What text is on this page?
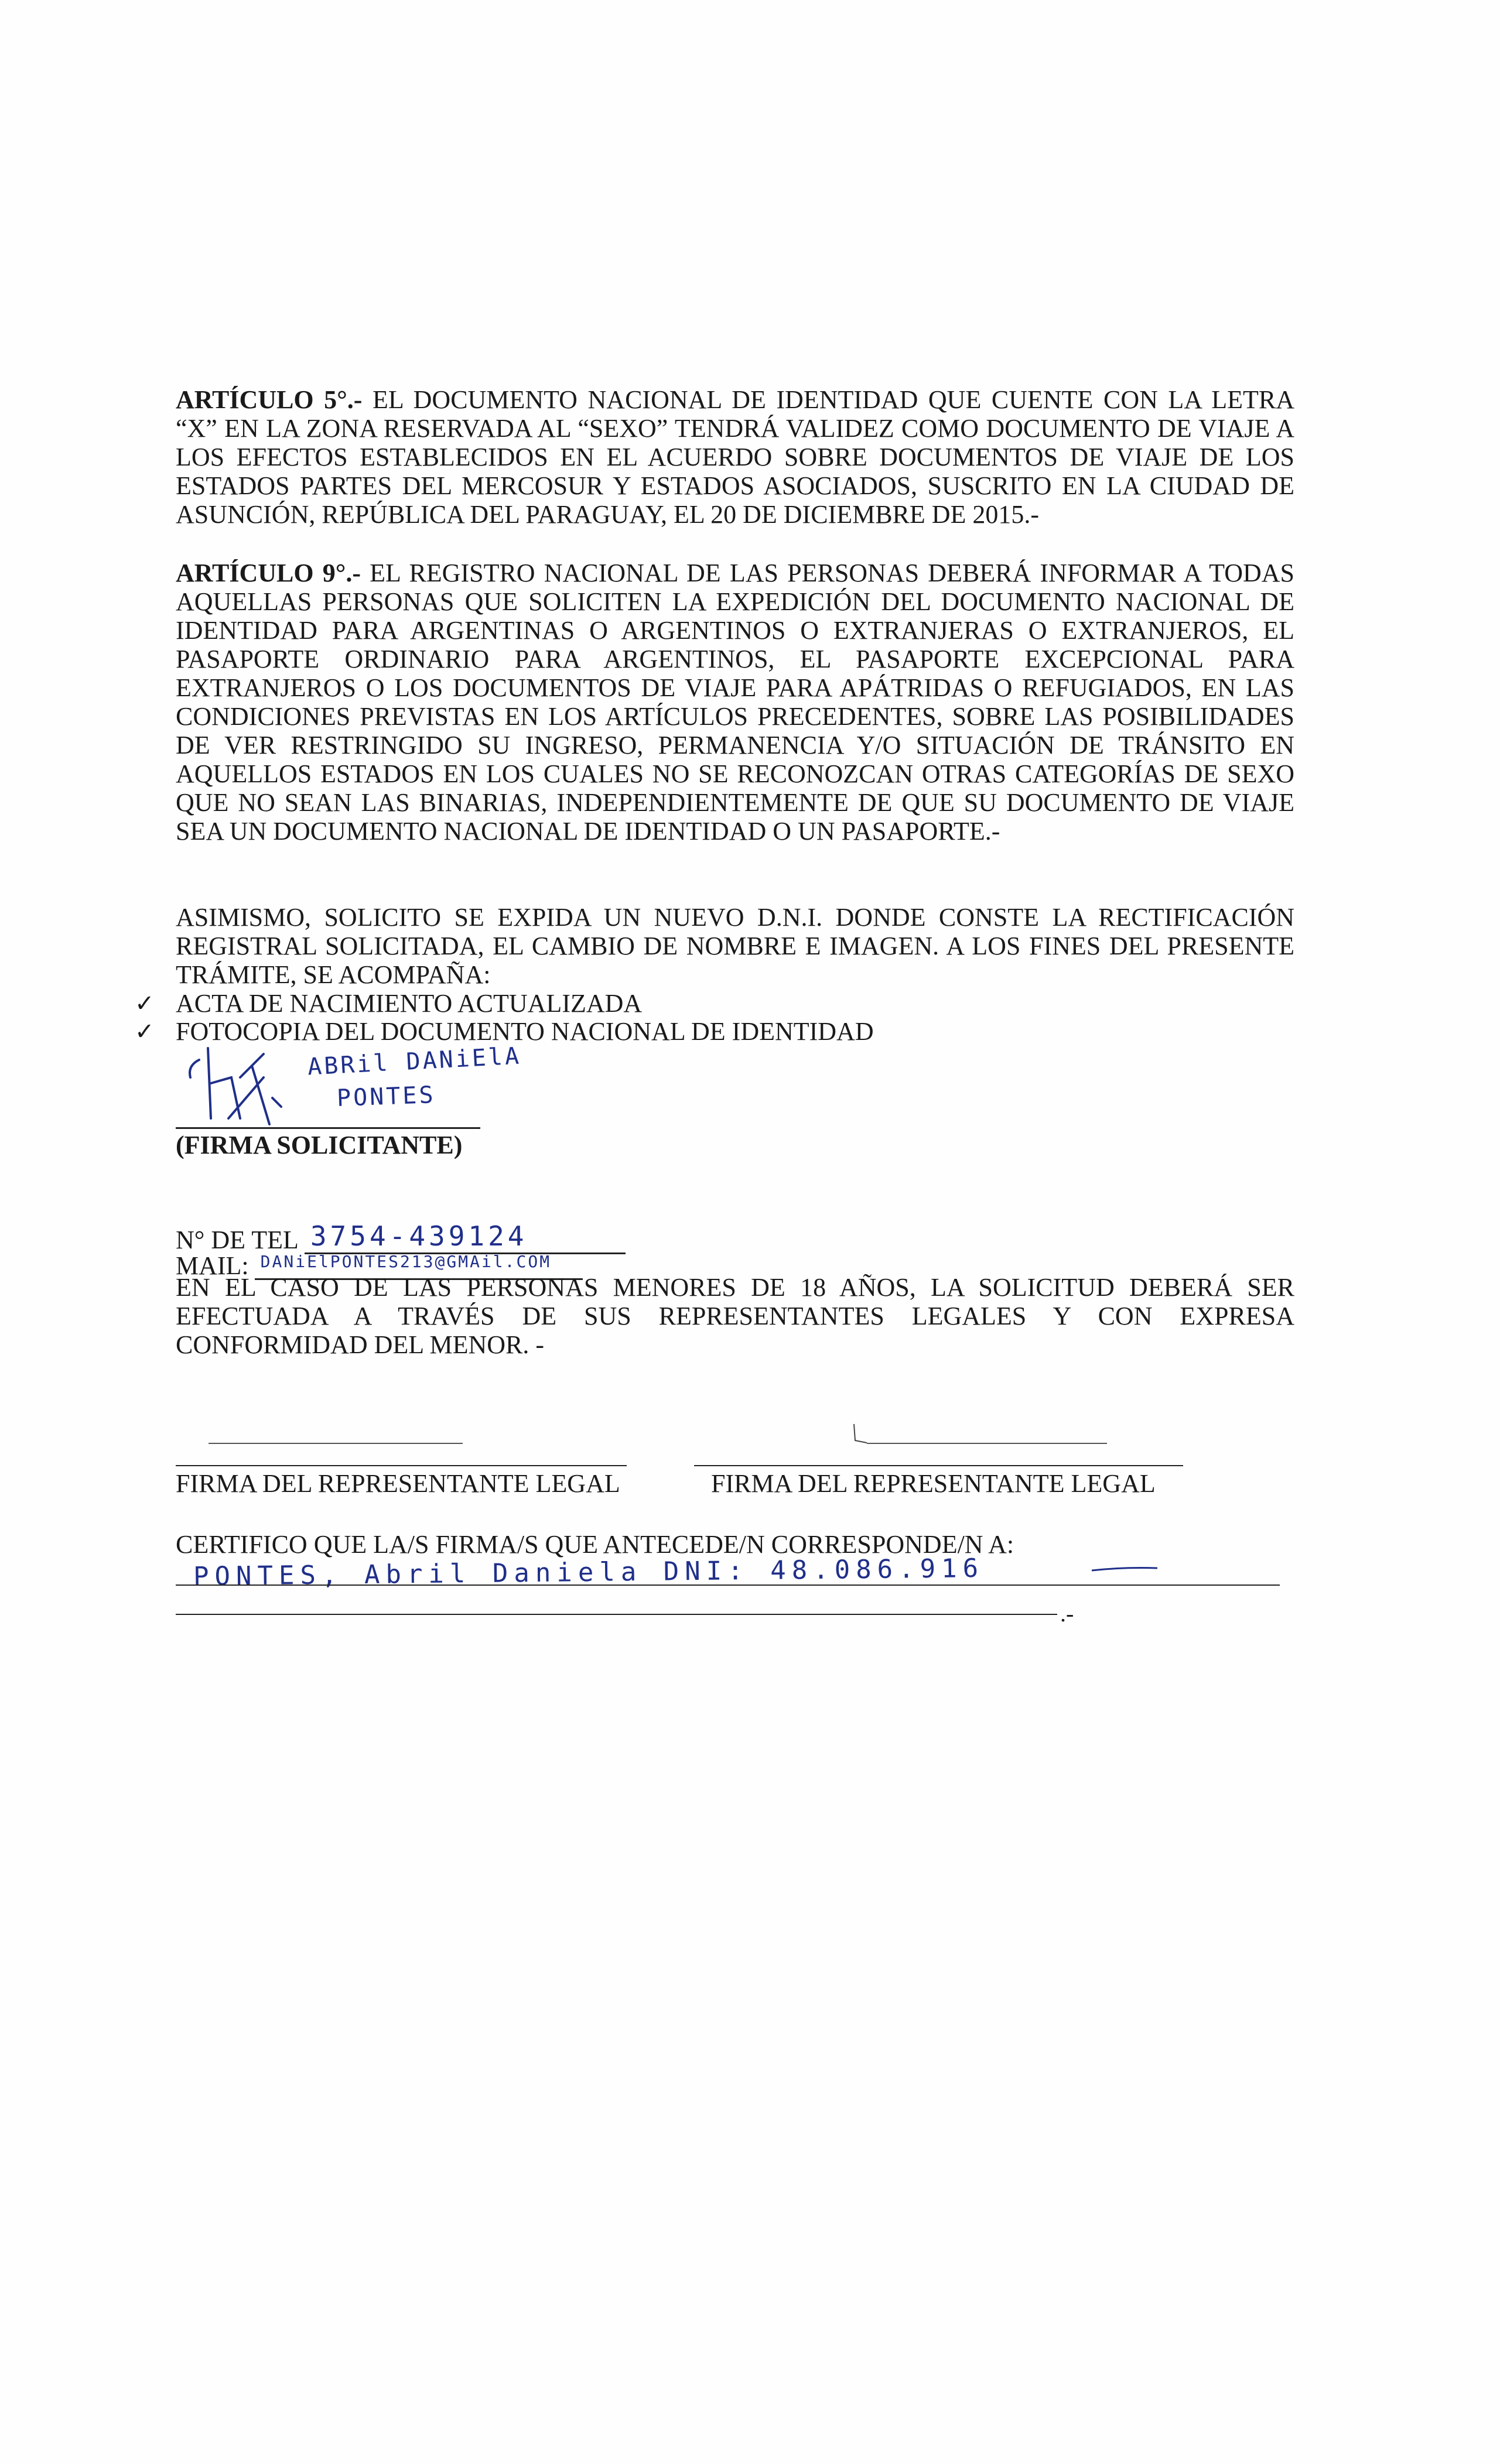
ARTÍCULO 5°.- EL DOCUMENTO NACIONAL DE IDENTIDAD QUE CUENTE CON LA LETRA “X” EN LA ZONA RESERVADA AL “SEXO” TENDRÁ VALIDEZ COMO DOCUMENTO DE VIAJE A LOS EFECTOS ESTABLECIDOS EN EL ACUERDO SOBRE DOCUMENTOS DE VIAJE DE LOS ESTADOS PARTES DEL MERCOSUR Y ESTADOS ASOCIADOS, SUSCRITO EN LA CIUDAD DE ASUNCIÓN, REPÚBLICA DEL PARAGUAY, EL 20 DE DICIEMBRE DE 2015.-

ARTÍCULO 9°.- EL REGISTRO NACIONAL DE LAS PERSONAS DEBERÁ INFORMAR A TODAS AQUELLAS PERSONAS QUE SOLICITEN LA EXPEDICIÓN DEL DOCUMENTO NACIONAL DE IDENTIDAD PARA ARGENTINAS O ARGENTINOS O EXTRANJERAS O EXTRANJEROS, EL PASAPORTE ORDINARIO PARA ARGENTINOS, EL PASAPORTE EXCEPCIONAL PARA EXTRANJEROS O LOS DOCUMENTOS DE VIAJE PARA APÁTRIDAS O REFUGIADOS, EN LAS CONDICIONES PREVISTAS EN LOS ARTÍCULOS PRECEDENTES, SOBRE LAS POSIBILIDADES DE VER RESTRINGIDO SU INGRESO, PERMANENCIA Y/O SITUACIÓN DE TRÁNSITO EN AQUELLOS ESTADOS EN LOS CUALES NO SE RECONOZCAN OTRAS CATEGORÍAS DE SEXO QUE NO SEAN LAS BINARIAS, INDEPENDIENTEMENTE DE QUE SU DOCUMENTO DE VIAJE SEA UN DOCUMENTO NACIONAL DE IDENTIDAD O UN PASAPORTE.-

ASIMISMO, SOLICITO SE EXPIDA UN NUEVO D.N.I. DONDE CONSTE LA RECTIFICACIÓN REGISTRAL SOLICITADA, EL CAMBIO DE NOMBRE E IMAGEN. A LOS FINES DEL PRESENTE TRÁMITE, SE ACOMPAÑA:

✓ ACTA DE NACIMIENTO ACTUALIZADA
✓ FOTOCOPIA DEL DOCUMENTO NACIONAL DE IDENTIDAD
ABRil DANiElA
PONTES
(FIRMA SOLICITANTE)
N° DE TEL 3754-439124
MAIL: DANiElPONTES213@GMAil.COM

EN EL CASO DE LAS PERSONAS MENORES DE 18 AÑOS, LA SOLICITUD DEBERÁ SER EFECTUADA A TRAVÉS DE SUS REPRESENTANTES LEGALES Y CON EXPRESA CONFORMIDAD DEL MENOR. -

FIRMA DEL REPRESENTANTE LEGAL	FIRMA DEL REPRESENTANTE LEGAL
CERTIFICO QUE LA/S FIRMA/S QUE ANTECEDE/N CORRESPONDE/N A:
PONTES, Abril Daniela DNI: 48.086.916
.-
